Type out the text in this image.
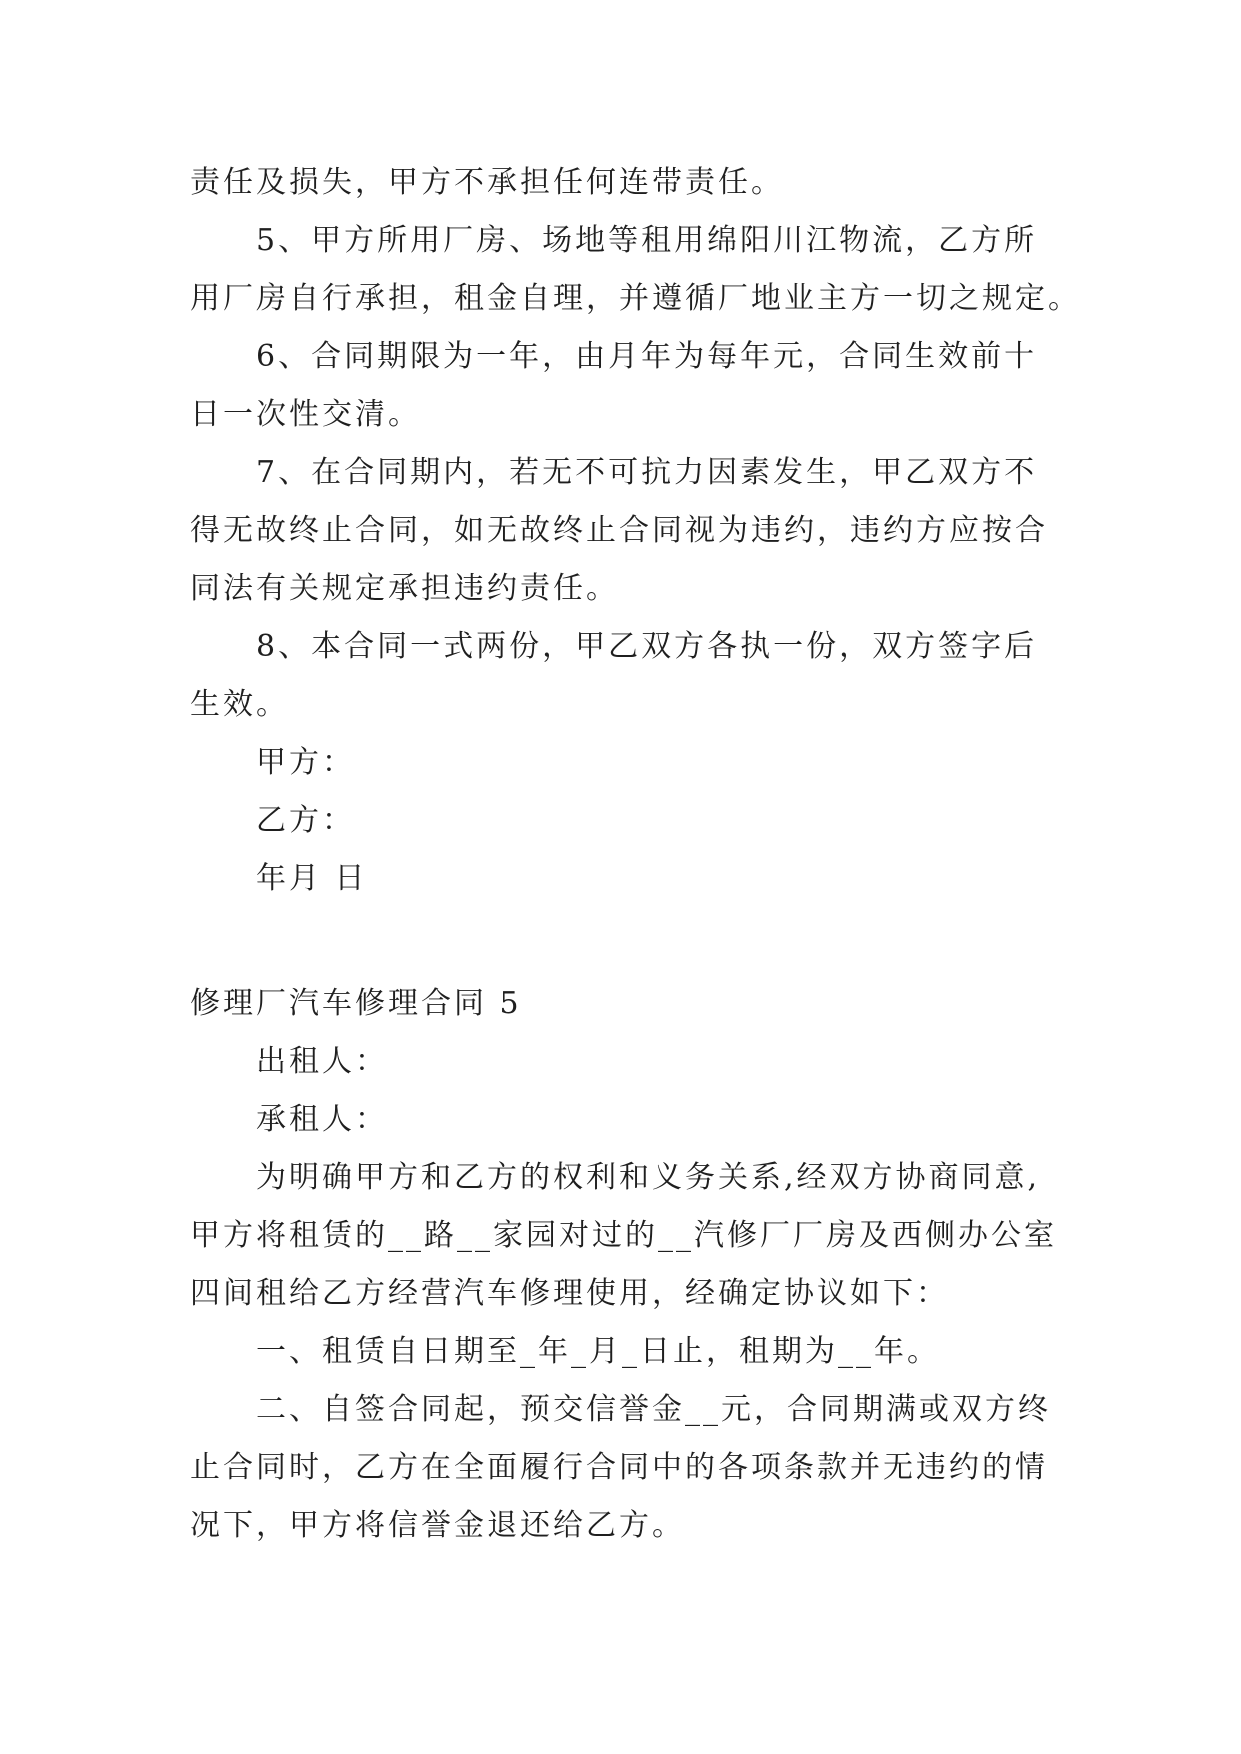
责任及损失，甲方不承担任何连带责任。
5、甲方所用厂房、场地等租用绵阳川江物流，乙方所
用厂房自行承担，租金自理，并遵循厂地业主方一切之规定。
6、合同期限为一年，由月年为每年元，合同生效前十
日一次性交清。
7、在合同期内，若无不可抗力因素发生，甲乙双方不
得无故终止合同，如无故终止合同视为违约，违约方应按合
同法有关规定承担违约责任。
8、本合同一式两份，甲乙双方各执一份，双方签字后
生效。
甲方：
乙方：
年月 日
修理厂汽车修理合同 5
出租人：
承租人：
为明确甲方和乙方的权利和义务关系,经双方协商同意,
甲方将租赁的__路__家园对过的__汽修厂厂房及西侧办公室
四间租给乙方经营汽车修理使用，经确定协议如下：
一、租赁自日期至_年_月_日止，租期为__年。
二、自签合同起，预交信誉金__元，合同期满或双方终
止合同时，乙方在全面履行合同中的各项条款并无违约的情
况下，甲方将信誉金退还给乙方。
